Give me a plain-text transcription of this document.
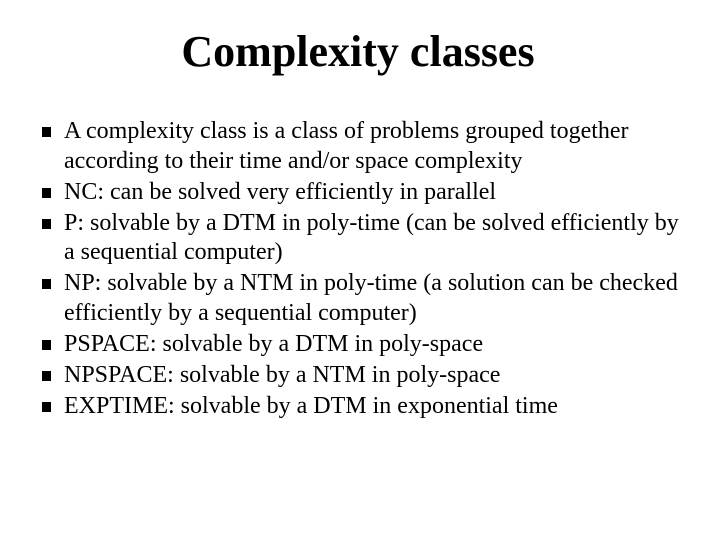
Complexity classes
A complexity class is a class of problems grouped together according to their time and/or space complexity
NC: can be solved very efficiently in parallel
P: solvable by a DTM in poly-time (can be solved efficiently by a sequential computer)
NP: solvable by a NTM in poly-time (a solution can be checked efficiently by a sequential computer)
PSPACE: solvable by a DTM in poly-space
NPSPACE: solvable by a NTM in poly-space
EXPTIME: solvable by a DTM in exponential time
